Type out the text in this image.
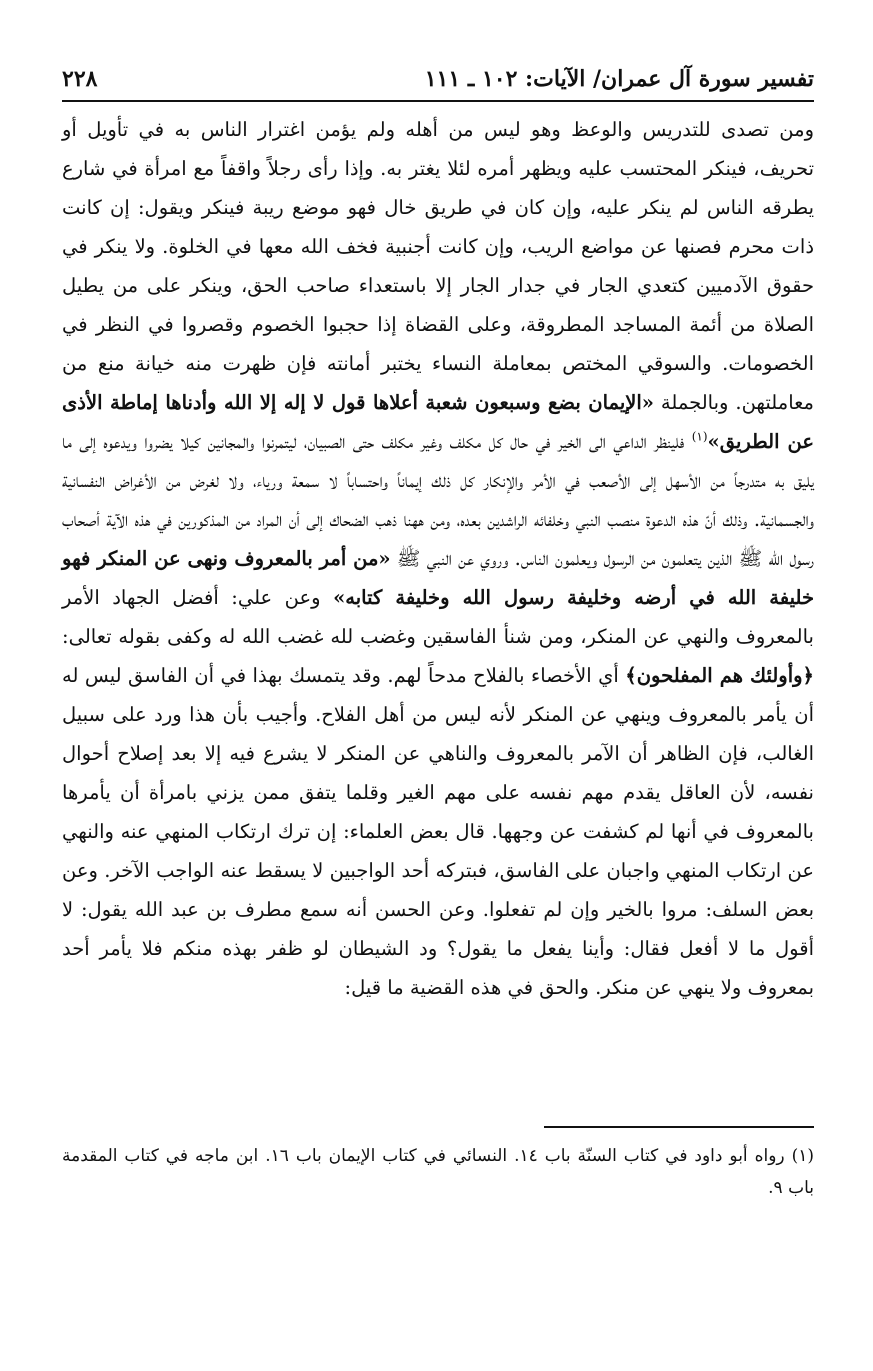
تفسير سورة آل عمران/ الآيات: ١٠٢ ـ ١١١
٢٢٨
ومن تصدى للتدريس والوعظ وهو ليس من أهله ولم يؤمن اغترار الناس به في تأويل أو تحريف، فينكر المحتسب عليه ويظهر أمره لئلا يغتر به. وإذا رأى رجلاً واقفاً مع امرأة في شارع يطرقه الناس لم ينكر عليه، وإن كان في طريق خال فهو موضع ريبة فينكر ويقول: إن كانت ذات محرم فصنها عن مواضع الريب، وإن كانت أجنبية فخف الله معها في الخلوة. ولا ينكر في حقوق الآدميين كتعدي الجار في جدار الجار إلا باستعداء صاحب الحق، وينكر على من يطيل الصلاة من أئمة المساجد المطروقة، وعلى القضاة إذا حجبوا الخصوم وقصروا في النظر في الخصومات. والسوقي المختص بمعاملة النساء يختبر أمانته فإن ظهرت منه خيانة منع من معاملتهن. وبالجملة «الإيمان بضع وسبعون شعبة أعلاها قول لا إله إلا الله وأدناها إماطة الأذى عن الطريق»$^{(١)}$ فلينظر الداعي الى الخير في حال كل مكلف وغير مكلف حتى الصبيان، ليتمرنوا والمجانين كيلا يضروا ويدعوه إلى ما يليق به متدرجاً من الأسهل إلى الأصعب في الأمر والإنكار كل ذلك إيماناً واحتساباً لا سمعة ورياء، ولا لغرض من الأغراض النفسانية والجسمانية. وذلك أنّ هذه الدعوة منصب النبي وخلفائه الراشدين بعده، ومن ههنا ذهب الضحاك إلى أن المراد من المذكورين في هذه الآية أصحاب رسول الله ﷺ الذين يتعلمون من الرسول ويعلمون الناس. وروي عن النبي ﷺ «من أمر بالمعروف ونهى عن المنكر فهو خليفة الله في أرضه وخليفة رسول الله وخليفة كتابه» وعن علي: أفضل الجهاد الأمر بالمعروف والنهي عن المنكر، ومن شنأ الفاسقين وغضب لله غضب الله له وكفى بقوله تعالى: ﴿وأولئك هم المفلحون﴾ أي الأخصاء بالفلاح مدحاً لهم. وقد يتمسك بهذا في أن الفاسق ليس له أن يأمر بالمعروف وينهي عن المنكر لأنه ليس من أهل الفلاح. وأجيب بأن هذا ورد على سبيل الغالب، فإن الظاهر أن الآمر بالمعروف والناهي عن المنكر لا يشرع فيه إلا بعد إصلاح أحوال نفسه، لأن العاقل يقدم مهم نفسه على مهم الغير وقلما يتفق ممن يزني بامرأة أن يأمرها بالمعروف في أنها لم كشفت عن وجهها. قال بعض العلماء: إن ترك ارتكاب المنهي عنه والنهي عن ارتكاب المنهي واجبان على الفاسق، فبتركه أحد الواجبين لا يسقط عنه الواجب الآخر. وعن بعض السلف: مروا بالخير وإن لم تفعلوا. وعن الحسن أنه سمع مطرف بن عبد الله يقول: لا أقول ما لا أفعل فقال: وأينا يفعل ما يقول؟ ود الشيطان لو ظفر بهذه منكم فلا يأمر أحد بمعروف ولا ينهي عن منكر. والحق في هذه القضية ما قيل:
(١) رواه أبو داود في كتاب السنّة باب ١٤. النسائي في كتاب الإيمان باب ١٦. ابن ماجه في كتاب المقدمة باب ٩.
